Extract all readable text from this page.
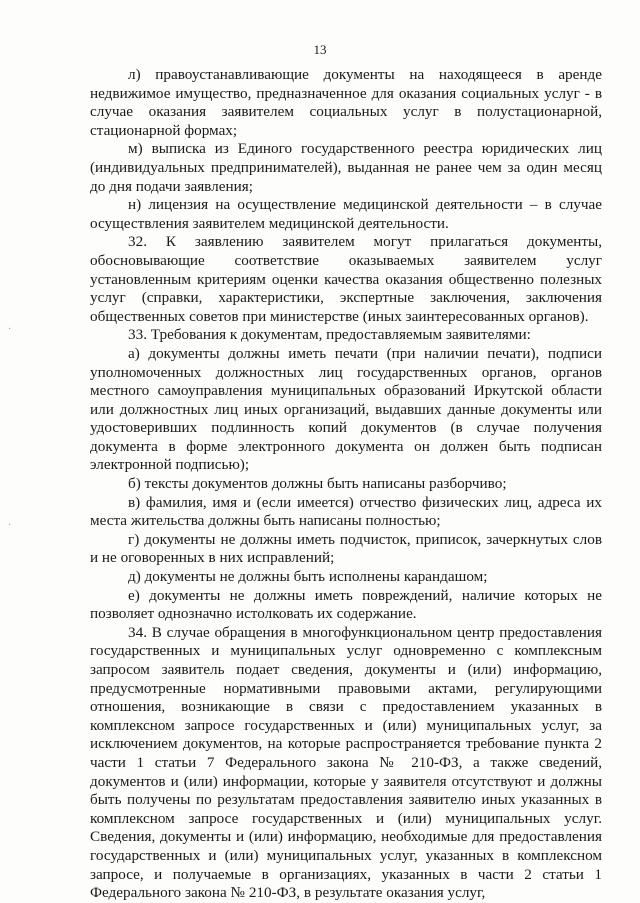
13
·
·

л) правоустанавливающие документы на находящееся в аренде недвижимое имущество, предназначенное для оказания социальных услуг - в случае оказания заявителем социальных услуг в полустационарной, стационарной формах;

м) выписка из Единого государственного реестра юридических лиц (индивидуальных предпринимателей), выданная не ранее чем за один месяц до дня подачи заявления;

н) лицензия на осуществление медицинской деятельности – в случае осуществления заявителем медицинской деятельности.

32. К заявлению заявителем могут прилагаться документы, обосновывающие соответствие оказываемых заявителем услуг установленным критериям оценки качества оказания общественно полезных услуг (справки, характеристики, экспертные заключения, заключения общественных советов при министерстве (иных заинтересованных органов).

33. Требования к документам, предоставляемым заявителями:

а) документы должны иметь печати (при наличии печати), подписи уполномоченных должностных лиц государственных органов, органов местного самоуправления муниципальных образований Иркутской области или должностных лиц иных организаций, выдавших данные документы или удостоверивших подлинность копий документов (в случае получения документа в форме электронного документа он должен быть подписан электронной подписью);

б) тексты документов должны быть написаны разборчиво;

в) фамилия, имя и (если имеется) отчество физических лиц, адреса их места жительства должны быть написаны полностью;

г) документы не должны иметь подчисток, приписок, зачеркнутых слов и не оговоренных в них исправлений;

д) документы не должны быть исполнены карандашом;

е) документы не должны иметь повреждений, наличие которых не позволяет однозначно истолковать их содержание.

34. В случае обращения в многофункциональном центр предоставления государственных и муниципальных услуг одновременно с комплексным запросом заявитель подает сведения, документы и (или) информацию, предусмотренные нормативными правовыми актами, регулирующими отношения, возникающие в связи с предоставлением указанных в комплексном запросе государственных и (или) муниципальных услуг, за исключением документов, на которые распространяется требование пункта 2 части 1 статьи 7 Федерального закона № 210-ФЗ, а также сведений, документов и (или) информации, которые у заявителя отсутствуют и должны быть получены по результатам предоставления заявителю иных указанных в комплексном запросе государственных и (или) муниципальных услуг. Сведения, документы и (или) информацию, необходимые для предоставления государственных и (или) муниципальных услуг, указанных в комплексном запросе, и получаемые в организациях, указанных в части 2 статьи 1 Федерального закона № 210-ФЗ, в результате оказания услуг,
